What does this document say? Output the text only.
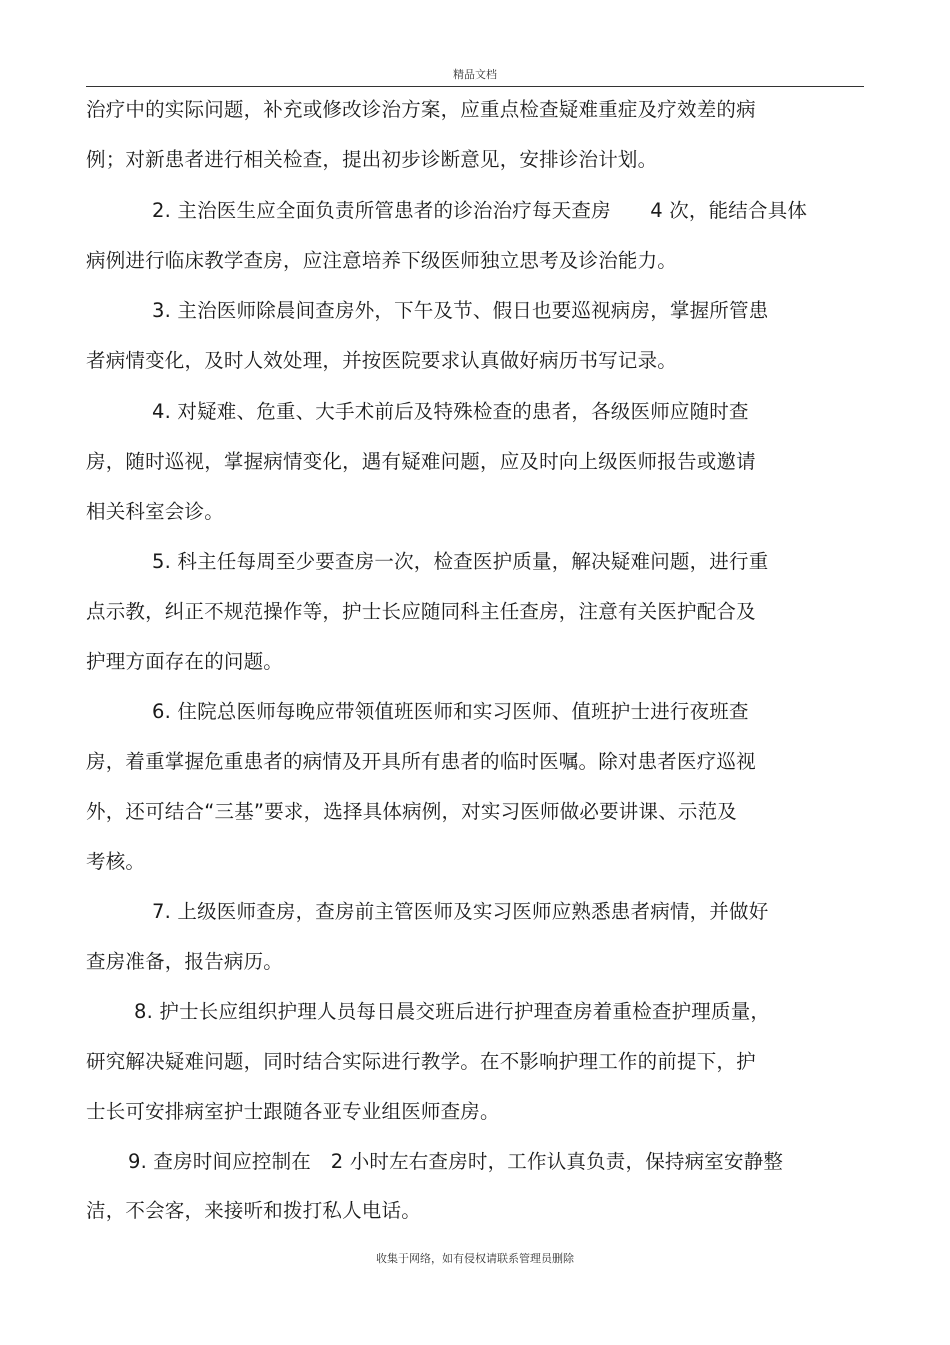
精品文档
治疗中的实际问题，补充或修改诊治方案，应重点检查疑难重症及疗效差的病
例；对新患者进行相关检查，提出初步诊断意见，安排诊治计划。
2. 主治医生应全面负责所管患者的诊治治疗每天查房　　4 次，能结合具体
病例进行临床教学查房，应注意培养下级医师独立思考及诊治能力。
3. 主治医师除晨间查房外，下午及节、假日也要巡视病房，掌握所管患
者病情变化，及时人效处理，并按医院要求认真做好病历书写记录。
4. 对疑难、危重、大手术前后及特殊检查的患者，各级医师应随时查
房，随时巡视，掌握病情变化，遇有疑难问题，应及时向上级医师报告或邀请
相关科室会诊。
5. 科主任每周至少要查房一次，检查医护质量，解决疑难问题，进行重
点示教，纠正不规范操作等，护士长应随同科主任查房，注意有关医护配合及
护理方面存在的问题。
6. 住院总医师每晚应带领值班医师和实习医师、值班护士进行夜班查
房，着重掌握危重患者的病情及开具所有患者的临时医嘱。除对患者医疗巡视
外，还可结合“三基”要求，选择具体病例，对实习医师做必要讲课、示范及
考核。
7. 上级医师查房，查房前主管医师及实习医师应熟悉患者病情，并做好
查房准备，报告病历。
8. 护士长应组织护理人员每日晨交班后进行护理查房着重检查护理质量，
研究解决疑难问题，同时结合实际进行教学。在不影响护理工作的前提下，护
士长可安排病室护士跟随各亚专业组医师查房。
9. 查房时间应控制在　2 小时左右查房时，工作认真负责，保持病室安静整
洁，不会客，来接听和拨打私人电话。
收集于网络，如有侵权请联系管理员删除
